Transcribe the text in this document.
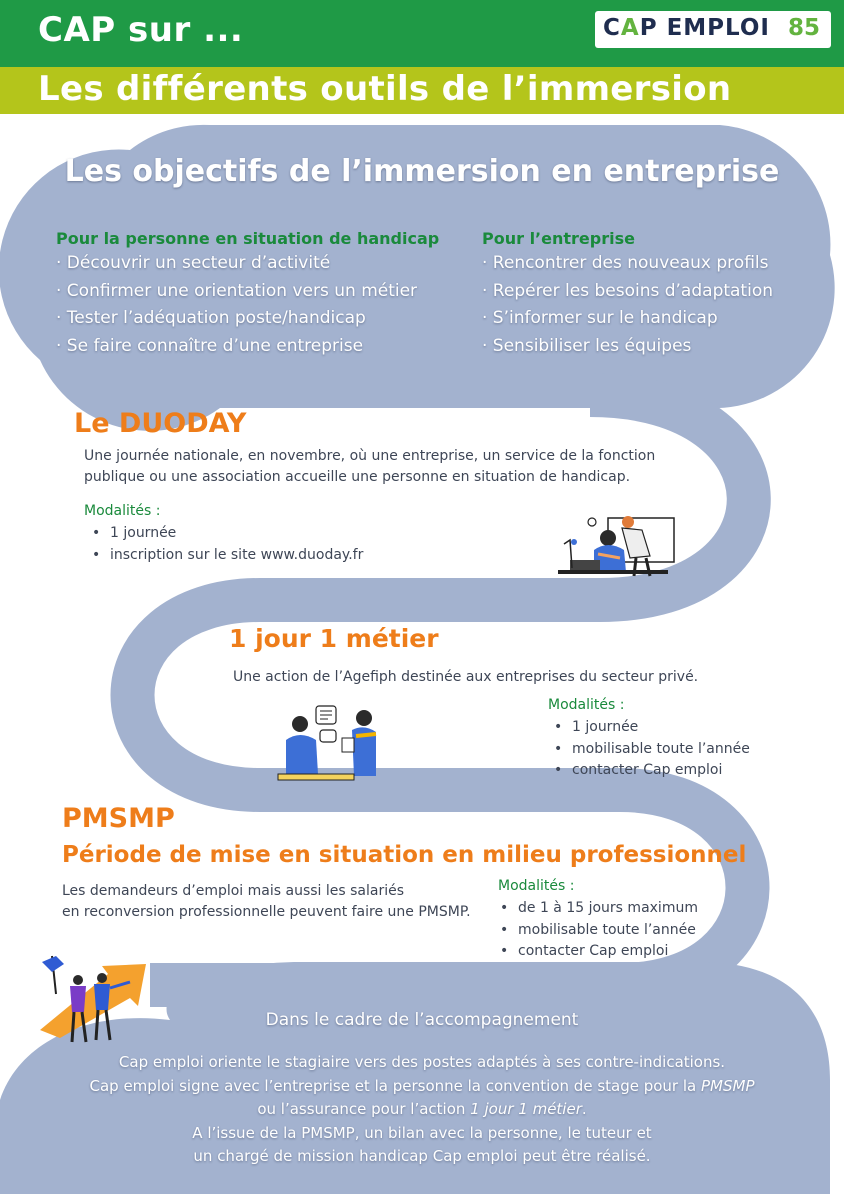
CAP sur ...	CAP EMPLOI 85
Les différents outils de l’immersion
Les objectifs de l’immersion en entreprise
Pour la personne en situation de handicap
· Découvrir un secteur d’activité
· Confirmer une orientation vers un métier
· Tester l’adéquation poste/handicap
· Se faire connaître d’une entreprise
Pour l’entreprise
· Rencontrer des nouveaux profils
· Repérer les besoins d’adaptation
· S’informer sur le handicap
· Sensibiliser les équipes
Le DUODAY
Une journée nationale, en novembre, où une entreprise, un service de la fonction
publique ou une association accueille une personne en situation de handicap.
Modalités :
• 1 journée
• inscription sur le site www.duoday.fr
1 jour 1 métier
Une action de l’Agefiph destinée aux entreprises du secteur privé.
Modalités :
• 1 journée
• mobilisable toute l’année
• contacter Cap emploi
PMSMP
Période de mise en situation en milieu professionnel
Les demandeurs d’emploi mais aussi les salariés
en reconversion professionnelle peuvent faire une PMSMP.
Modalités :
• de 1 à 15 jours maximum
• mobilisable toute l’année
• contacter Cap emploi
Dans le cadre de l’accompagnement
Cap emploi oriente le stagiaire vers des postes adaptés à ses contre-indications.
Cap emploi signe avec l’entreprise et la personne la convention de stage pour la PMSMP
ou l’assurance pour l’action 1 jour 1 métier.
A l’issue de la PMSMP, un bilan avec la personne, le tuteur et
un chargé de mission handicap Cap emploi peut être réalisé.
